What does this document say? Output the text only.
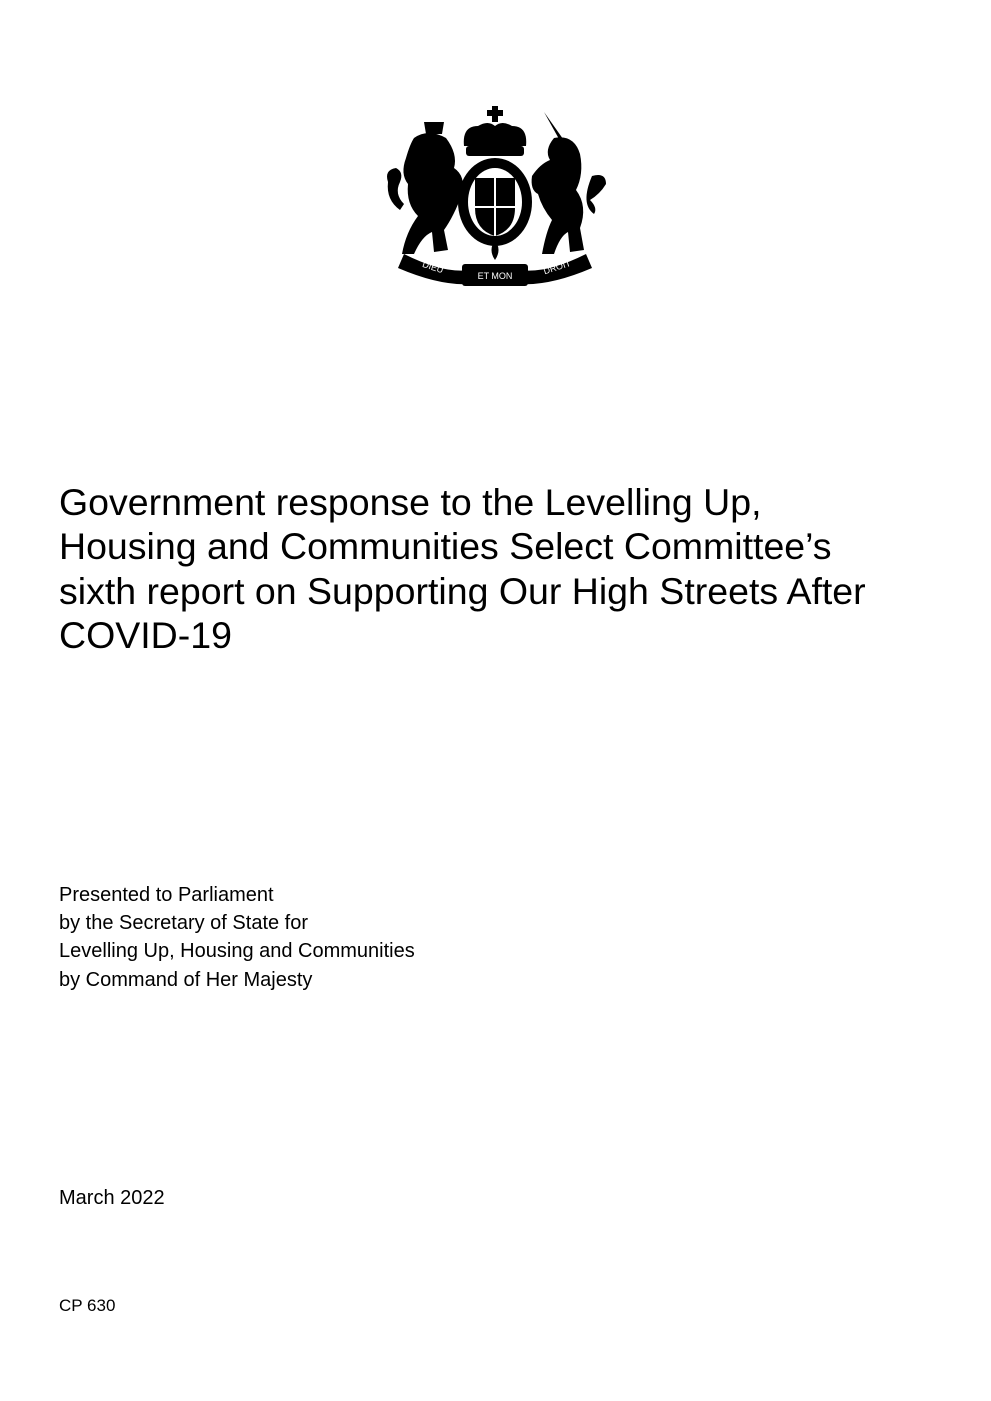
ET MON
DIEU	DROIT
Government response to the Levelling Up,
Housing and Communities Select Committee’s
sixth report on Supporting Our High Streets After
COVID-19
Presented to Parliament
by the Secretary of State for
Levelling Up, Housing and Communities
by Command of Her Majesty
March 2022
CP 630
